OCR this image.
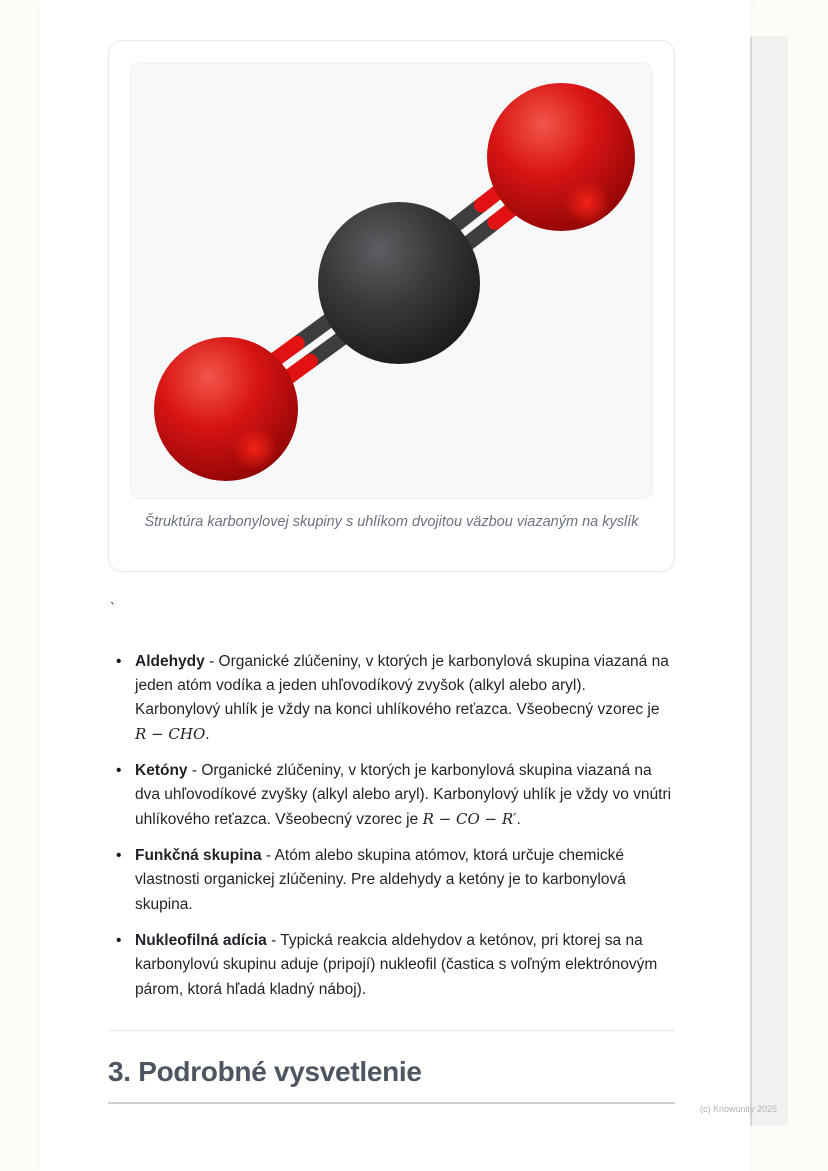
Štruktúra karbonylovej skupiny s uhlíkom dvojitou väzbou viazaným na kyslík
`
• Aldehydy - Organické zlúčeniny, v ktorých je karbonylová skupina viazaná na jeden atóm vodíka a jeden uhľovodíkový zvyšok (alkyl alebo aryl). Karbonylový uhlík je vždy na konci uhlíkového reťazca. Všeobecný vzorec je R − CHO.
• Ketóny - Organické zlúčeniny, v ktorých je karbonylová skupina viazaná na dva uhľovodíkové zvyšky (alkyl alebo aryl). Karbonylový uhlík je vždy vo vnútri uhlíkového reťazca. Všeobecný vzorec je R − CO − R′.
• Funkčná skupina - Atóm alebo skupina atómov, ktorá určuje chemické vlastnosti organickej zlúčeniny. Pre aldehydy a ketóny je to karbonylová skupina.
• Nukleofilná adícia - Typická reakcia aldehydov a ketónov, pri ktorej sa na karbonylovú skupinu aduje (pripojí) nukleofil (častica s voľným elektrónovým párom, ktorá hľadá kladný náboj).
3. Podrobné vysvetlenie
(c) Knowunity 2025
